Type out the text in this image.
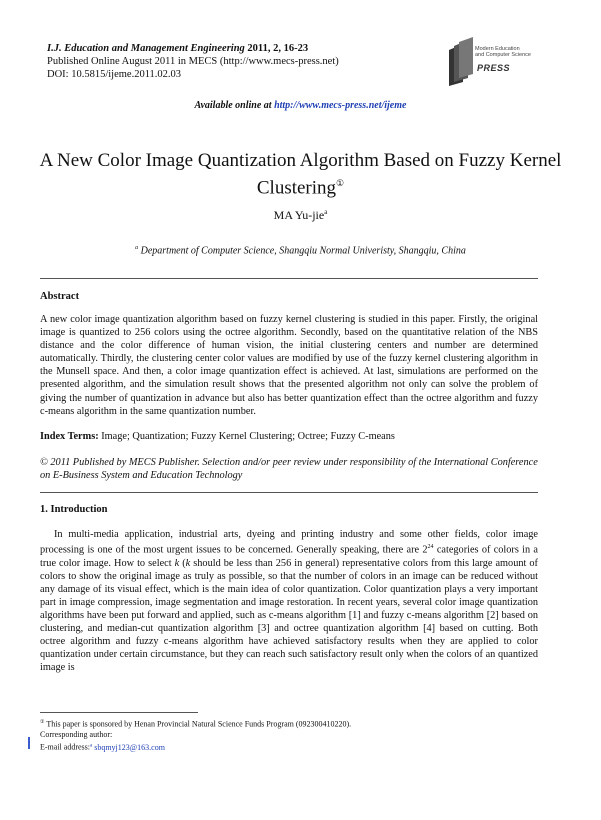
I.J. Education and Management Engineering 2011, 2, 16-23
Published Online August 2011 in MECS (http://www.mecs-press.net)
DOI: 10.5815/ijeme.2011.02.03
Modern Education
and Computer Science
PRESS
Available online at http://www.mecs-press.net/ijeme
A New Color Image Quantization Algorithm Based on Fuzzy Kernel
Clustering①
MA Yu-jie$^a$
$^a$ Department of Computer Science, Shangqiu Normal Univeristy, Shangqiu, China
Abstract
A new color image quantization algorithm based on fuzzy kernel clustering is studied in this paper. Firstly, the original image is quantized to 256 colors using the octree algorithm. Secondly, based on the quantitative relation of the NBS distance and the color difference of human vision, the initial clustering centers and number are determined automatically. Thirdly, the clustering center color values are modified by use of the fuzzy kernel clustering algorithm in the Munsell space. And then, a color image quantization effect is achieved. At last, simulations are performed on the presented algorithm, and the simulation result shows that the presented algorithm not only can solve the problem of giving the number of quantization in advance but also has better quantization effect than the octree algorithm and fuzzy c-means algorithm in the same quantization number.
Index Terms: Image; Quantization; Fuzzy Kernel Clustering; Octree; Fuzzy C-means
© 2011 Published by MECS Publisher. Selection and/or peer review under responsibility of the International Conference on E-Business System and Education Technology
1. Introduction
In multi-media application, industrial arts, dyeing and printing industry and some other fields, color image processing is one of the most urgent issues to be concerned. Generally speaking, there are $2^{24}$ categories of colors in a true color image. How to select k (k should be less than 256 in general) representative colors from this large amount of colors to show the original image as truly as possible, so that the number of colors in an image can be reduced without any damage of its visual effect, which is the main idea of color quantization. Color quantization plays a very important part in image compression, image segmentation and image restoration. In recent years, several color image quantization algorithms have been put forward and applied, such as c-means algorithm [1] and fuzzy c-means algorithm [2] based on clustering, and median-cut quantization algorithm [3] and octree quantization algorithm [4] based on cutting. Both octree algorithm and fuzzy c-means algorithm have achieved satisfactory results when they are applied to color quantization under certain circumstance, but they can reach such satisfactory result only when the colors of an quantized image is
① This paper is sponsored by Henan Provincial Natural Science Funds Program (092300410220).
Corresponding author:
E-mail address:$^a$ sbqmyj123@163.com
